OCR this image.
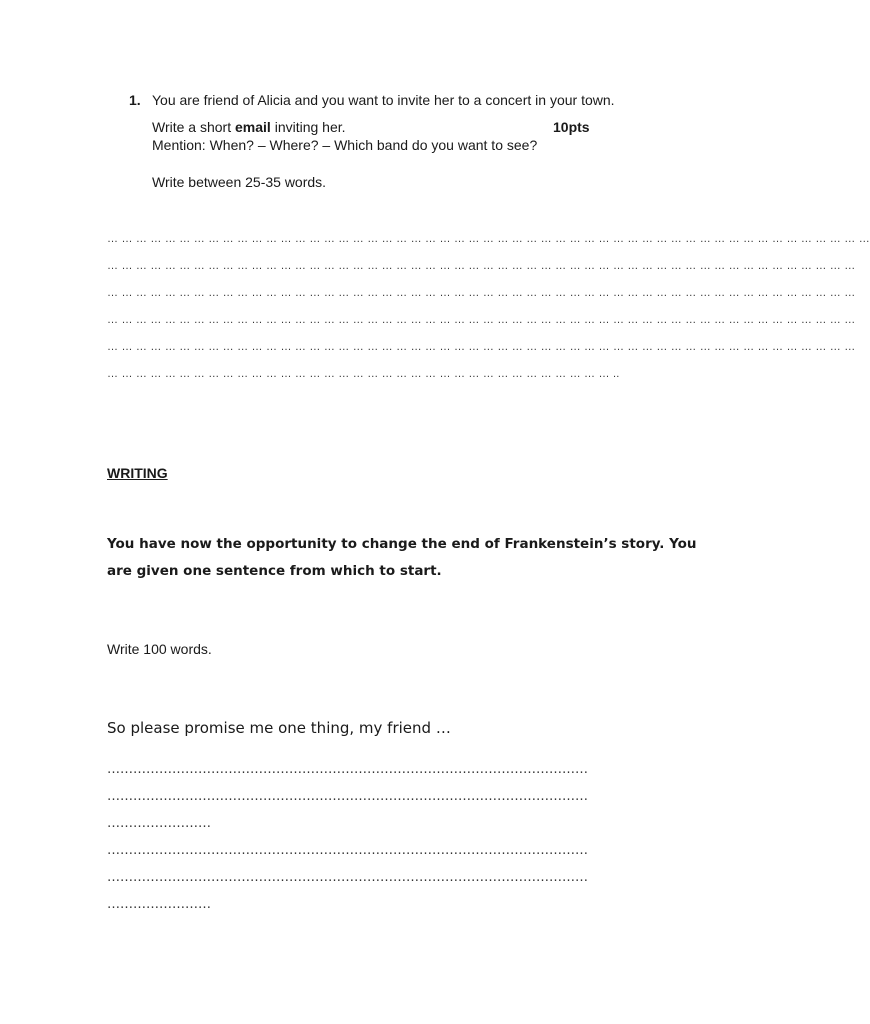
1. You are friend of Alicia and you want to invite her to a concert in your town.
Write a short email inviting her.	10pts
Mention: When? – Where? – Which band do you want to see?
Write between 25-35 words.
… … … … … … … … … … … … … … … … … … … … … … … … … … … … … … … … … … … … … … … … … … … … … … … … … … … … …
… … … … … … … … … … … … … … … … … … … … … … … … … … … … … … … … … … … … … … … … … … … … … … … … … … … …
… … … … … … … … … … … … … … … … … … … … … … … … … … … … … … … … … … … … … … … … … … … … … … … … … … … …
… … … … … … … … … … … … … … … … … … … … … … … … … … … … … … … … … … … … … … … … … … … … … … … … … … … …
… … … … … … … … … … … … … … … … … … … … … … … … … … … … … … … … … … … … … … … … … … … … … … … … … … … …
… … … … … … … … … … … … … … … … … … … … … … … … … … … … … … … … … … … ..
WRITING
You have now the opportunity to change the end of Frankenstein’s story. You
are given one sentence from which to start.
Write 100 words.
So please promise me one thing, my friend …
…………………………………………………………………………………………………
…………………………………………………………………………………………………
……………………
…………………………………………………………………………………………………
…………………………………………………………………………………………………
……………………
